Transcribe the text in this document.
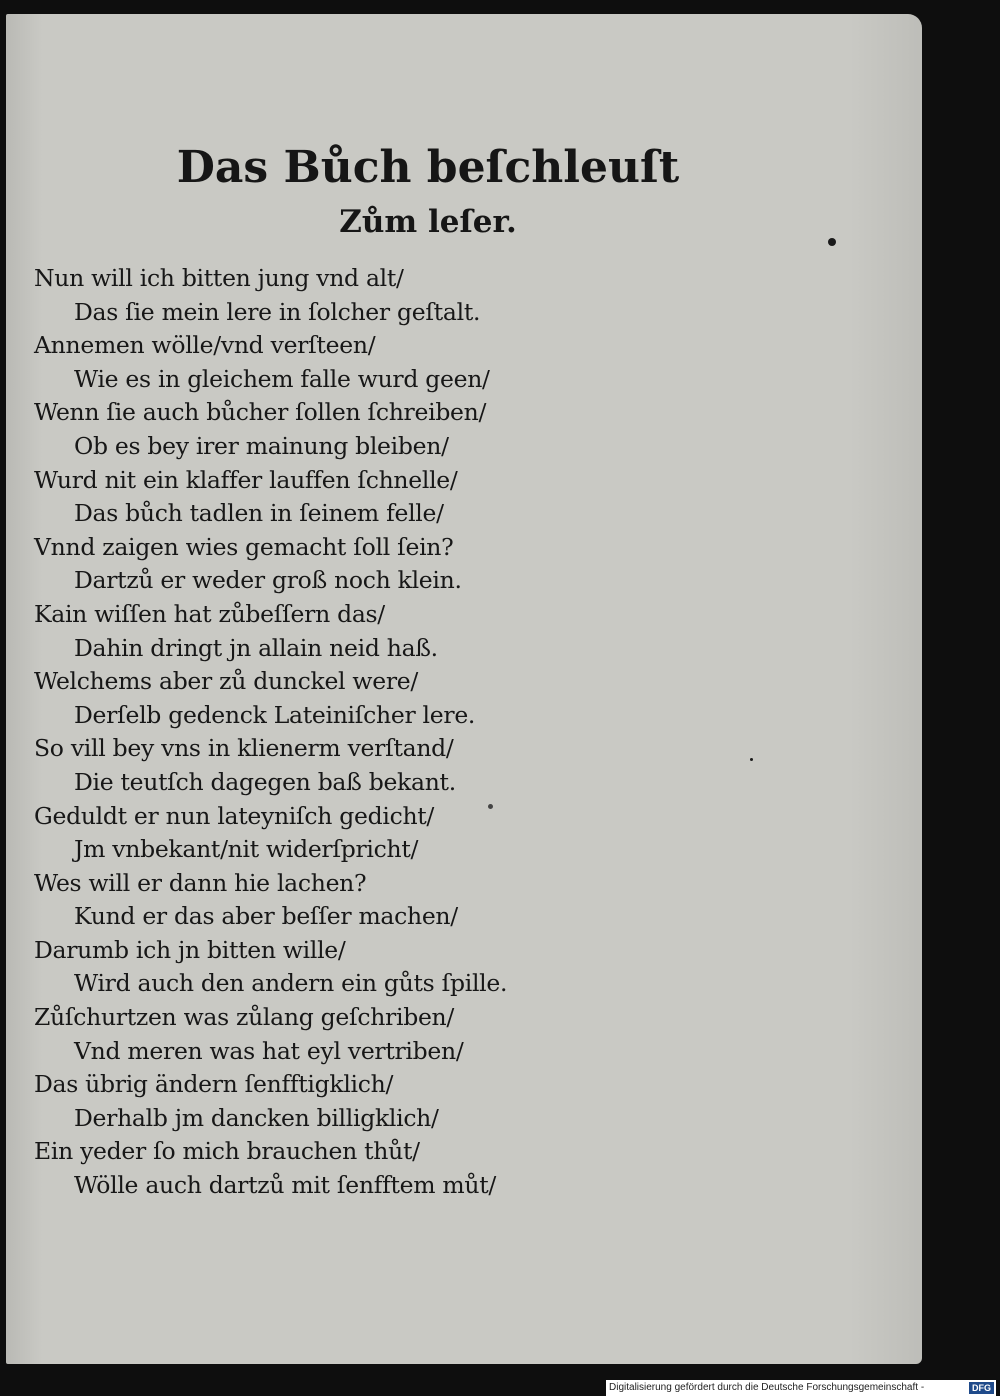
Das Bůch beſchleuſt
Zům leſer.
Nun will ich bitten jung vnd alt/
Das ſie mein lere in ſolcher geſtalt.
Annemen wölle/vnd verſteen/
Wie es in gleichem falle wurd geen/
Wenn ſie auch bůcher ſollen ſchreiben/
Ob es bey irer mainung bleiben/
Wurd nit ein klaffer lauffen ſchnelle/
Das bůch tadlen in ſeinem felle/
Vnnd zaigen wies gemacht ſoll ſein?
Dartzů er weder groß noch klein.
Kain wiſſen hat zůbeſſern das/
Dahin dringt jn allain neid haß.
Welchems aber zů dunckel were/
Derſelb gedenck Lateiniſcher lere.
So vill bey vns in klienerm verſtand/
Die teutſch dagegen baß bekant.
Geduldt er nun lateyniſch gedicht/
Jm vnbekant/nit widerſpricht/
Wes will er dann hie lachen?
Kund er das aber beſſer machen/
Darumb ich jn bitten wille/
Wird auch den andern ein gůts ſpille.
Zůſchurtzen was zůlang geſchriben/
Vnd meren was hat eyl vertriben/
Das übrig ändern ſenfftigklich/
Derhalb jm dancken billigklich/
Ein yeder ſo mich brauchen thůt/
Wölle auch dartzů mit ſenfftem můt/
Digitalisierung gefördert durch die Deutsche Forschungsgemeinschaft -	DFG
